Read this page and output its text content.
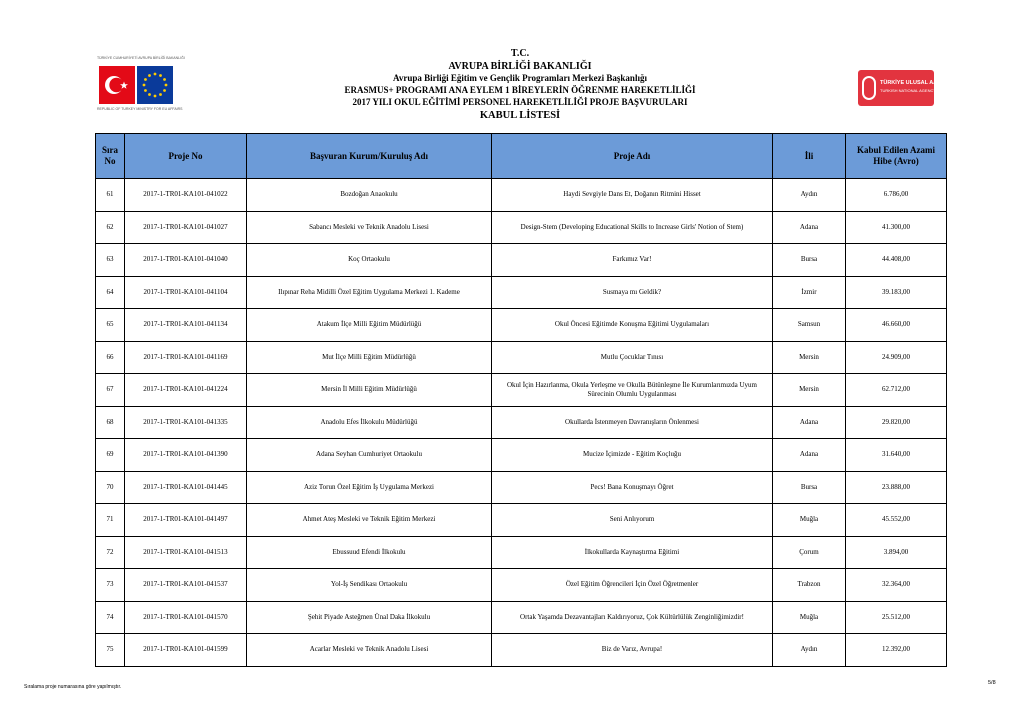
TÜRKİYE CUMHURİYETİ AVRUPA BİRLİĞİ BAKANLIĞI
REPUBLIC OF TURKEY MINISTRY FOR EU AFFAIRS
TÜRKİYE ULUSAL AJANSI
TURKISH NATIONAL AGENCY
T.C.
AVRUPA BİRLİĞİ BAKANLIĞI
Avrupa Birliği Eğitim ve Gençlik Programları Merkezi Başkanlığı
ERASMUS+ PROGRAMI ANA EYLEM 1 BİREYLERİN ÖĞRENME HAREKETLİLİĞİ
2017 YILI OKUL EĞİTİMİ PERSONEL HAREKETLİLİĞİ PROJE BAŞVURULARI
KABUL LİSTESİ
Sıra No	Proje No	Başvuran Kurum/Kuruluş Adı	Proje Adı	İli	Kabul Edilen Azami Hibe (Avro)
61	2017-1-TR01-KA101-041022	Bozdoğan Anaokulu	Haydi Sevgiyle Dans Et, Doğanın Ritmini Hisset	Aydın	6.786,00
62	2017-1-TR01-KA101-041027	Sabancı Mesleki ve Teknik Anadolu Lisesi	Design-Stem (Developing Educational Skills to Increase Girls' Notion of Stem)	Adana	41.300,00
63	2017-1-TR01-KA101-041040	Koç Ortaokulu	Farkımız Var!	Bursa	44.408,00
64	2017-1-TR01-KA101-041104	Ilıpınar Reha Midilli Özel Eğitim Uygulama Merkezi 1. Kademe	Susmaya mı Geldik?	İzmir	39.183,00
65	2017-1-TR01-KA101-041134	Atakum İlçe Milli Eğitim Müdürlüğü	Okul Öncesi Eğitimde Konuşma Eğitimi Uygulamaları	Samsun	46.660,00
66	2017-1-TR01-KA101-041169	Mut İlçe Milli Eğitim Müdürlüğü	Mutlu Çocuklar Tınısı	Mersin	24.909,00
67	2017-1-TR01-KA101-041224	Mersin İl Milli Eğitim Müdürlüğü	Okul İçin Hazırlanma, Okula Yerleşme ve Okulla Bütünleşme İle Kurumlarımızda Uyum Sürecinin Olumlu Uygulanması	Mersin	62.712,00
68	2017-1-TR01-KA101-041335	Anadolu Efes İlkokulu Müdürlüğü	Okullarda İstenmeyen Davranışların Önlenmesi	Adana	29.820,00
69	2017-1-TR01-KA101-041390	Adana Seyhan Cumhuriyet Ortaokulu	Mucize İçimizde - Eğitim Koçluğu	Adana	31.640,00
70	2017-1-TR01-KA101-041445	Aziz Torun Özel Eğitim İş Uygulama Merkezi	Pecs! Bana Konuşmayı Öğret	Bursa	23.888,00
71	2017-1-TR01-KA101-041497	Ahmet Ateş Mesleki ve Teknik Eğitim Merkezi	Seni Anlıyorum	Muğla	45.552,00
72	2017-1-TR01-KA101-041513	Ebussuud Efendi İlkokulu	İlkokullarda Kaynaştırma Eğitimi	Çorum	3.894,00
73	2017-1-TR01-KA101-041537	Yol-İş Sendikası Ortaokulu	Özel Eğitim Öğrencileri İçin Özel Öğretmenler	Trabzon	32.364,00
74	2017-1-TR01-KA101-041570	Şehit Piyade Asteğmen Ünal Daka İlkokulu	Ortak Yaşamda Dezavantajları Kaldırıyoruz, Çok Kültürlülük Zenginliğimizdir!	Muğla	25.512,00
75	2017-1-TR01-KA101-041599	Acarlar Mesleki ve Teknik Anadolu Lisesi	Biz de Varız, Avrupa!	Aydın	12.392,00
Sıralama proje numarasına göre yapılmıştır.
5/8
